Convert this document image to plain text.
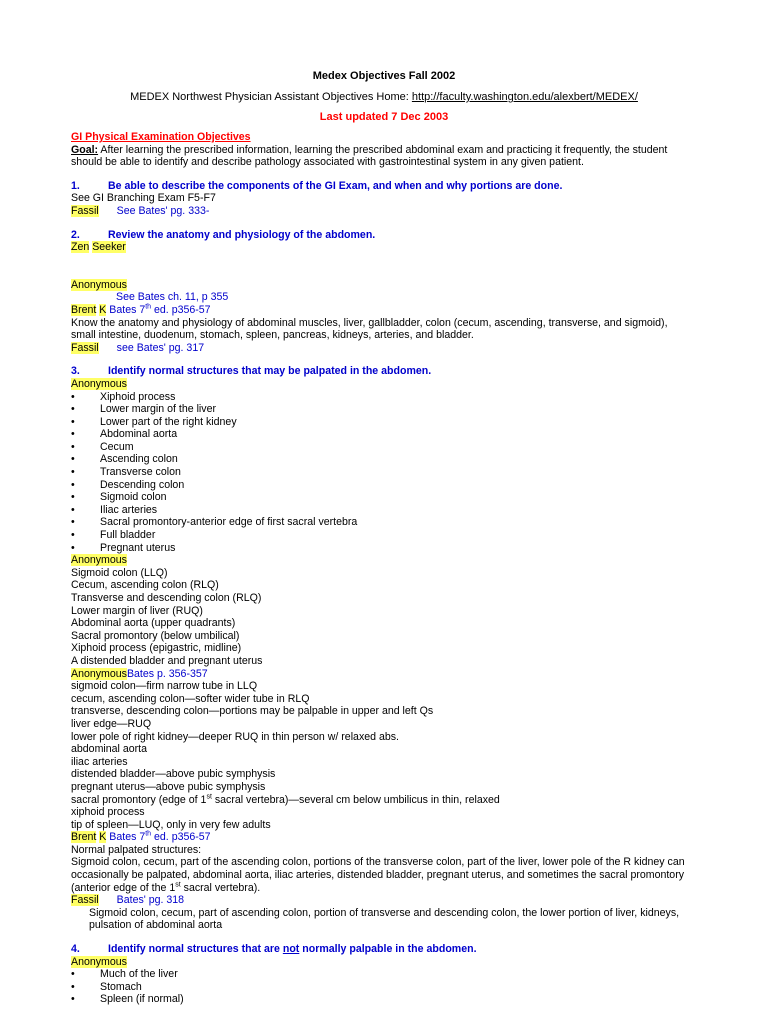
Medex Objectives Fall 2002
MEDEX Northwest Physician Assistant Objectives Home: http://faculty.washington.edu/alexbert/MEDEX/
Last updated 7 Dec 2003
GI Physical Examination Objectives
Goal: After learning the prescribed information, learning the prescribed abdominal exam and practicing it frequently, the student should be able to identify and describe pathology associated with gastrointestinal system in any given patient.
1.	Be able to describe the components of the GI Exam, and when and why portions are done.
See GI Branching Exam F5-F7
Fassil See Bates' pg. 333-
2.	Review the anatomy and physiology of the abdomen.
Zen Seeker
Anonymous
See Bates ch. 11, p 355
Brent K Bates 7th ed. p356-57
Know the anatomy and physiology of abdominal muscles, liver, gallbladder, colon (cecum, ascending, transverse, and sigmoid), small intestine, duodenum, stomach, spleen, pancreas, kidneys, arteries, and bladder.
Fassil see Bates' pg. 317
3.	Identify normal structures that may be palpated in the abdomen.
Anonymous
• Xiphoid process
• Lower margin of the liver
• Lower part of the right kidney
• Abdominal aorta
• Cecum
• Ascending colon
• Transverse colon
• Descending colon
• Sigmoid colon
• Iliac arteries
• Sacral promontory-anterior edge of first sacral vertebra
• Full bladder
• Pregnant uterus
Anonymous
Sigmoid colon (LLQ)
Cecum, ascending colon (RLQ)
Transverse and descending colon (RLQ)
Lower margin of liver (RUQ)
Abdominal aorta (upper quadrants)
Sacral promontory (below umbilical)
Xiphoid process (epigastric, midline)
A distended bladder and pregnant uterus
AnonymousBates p. 356-357
sigmoid colon—firm narrow tube in LLQ
cecum, ascending colon—softer wider tube in RLQ
transverse, descending colon—portions may be palpable in upper and left Qs
liver edge—RUQ
lower pole of right kidney—deeper RUQ in thin person w/ relaxed abs.
abdominal aorta
iliac arteries
distended bladder—above pubic symphysis
pregnant uterus—above pubic symphysis
sacral promontory (edge of 1st sacral vertebra)—several cm below umbilicus in thin, relaxed
xiphoid process
tip of spleen—LUQ, only in very few adults
Brent K Bates 7th ed. p356-57
Normal palpated structures:
Sigmoid colon, cecum, part of the ascending colon, portions of the transverse colon, part of the liver, lower pole of the R kidney can occasionally be palpated, abdominal aorta, iliac arteries, distended bladder, pregnant uterus, and sometimes the sacral promontory (anterior edge of the 1st sacral vertebra).
Fassil Bates' pg. 318
Sigmoid colon, cecum, part of ascending colon, portion of transverse and descending colon, the lower portion of liver, kidneys, pulsation of abdominal aorta
4.	Identify normal structures that are not normally palpable in the abdomen.
Anonymous
• Much of the liver
• Stomach
• Spleen (if normal)
